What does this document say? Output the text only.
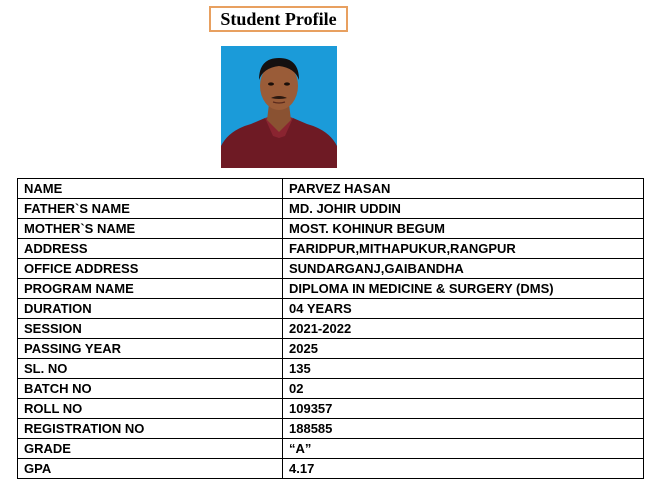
Student Profile
NAME	PARVEZ HASAN
FATHER`S NAME	MD. JOHIR UDDIN
MOTHER`S NAME	MOST. KOHINUR BEGUM
ADDRESS	FARIDPUR,MITHAPUKUR,RANGPUR
OFFICE ADDRESS	SUNDARGANJ,GAIBANDHA
PROGRAM NAME	DIPLOMA IN MEDICINE & SURGERY (DMS)
DURATION	04 YEARS
SESSION	2021-2022
PASSING YEAR	2025
SL. NO	135
BATCH NO	02
ROLL NO	109357
REGISTRATION NO	188585
GRADE	“A”
GPA	4.17
